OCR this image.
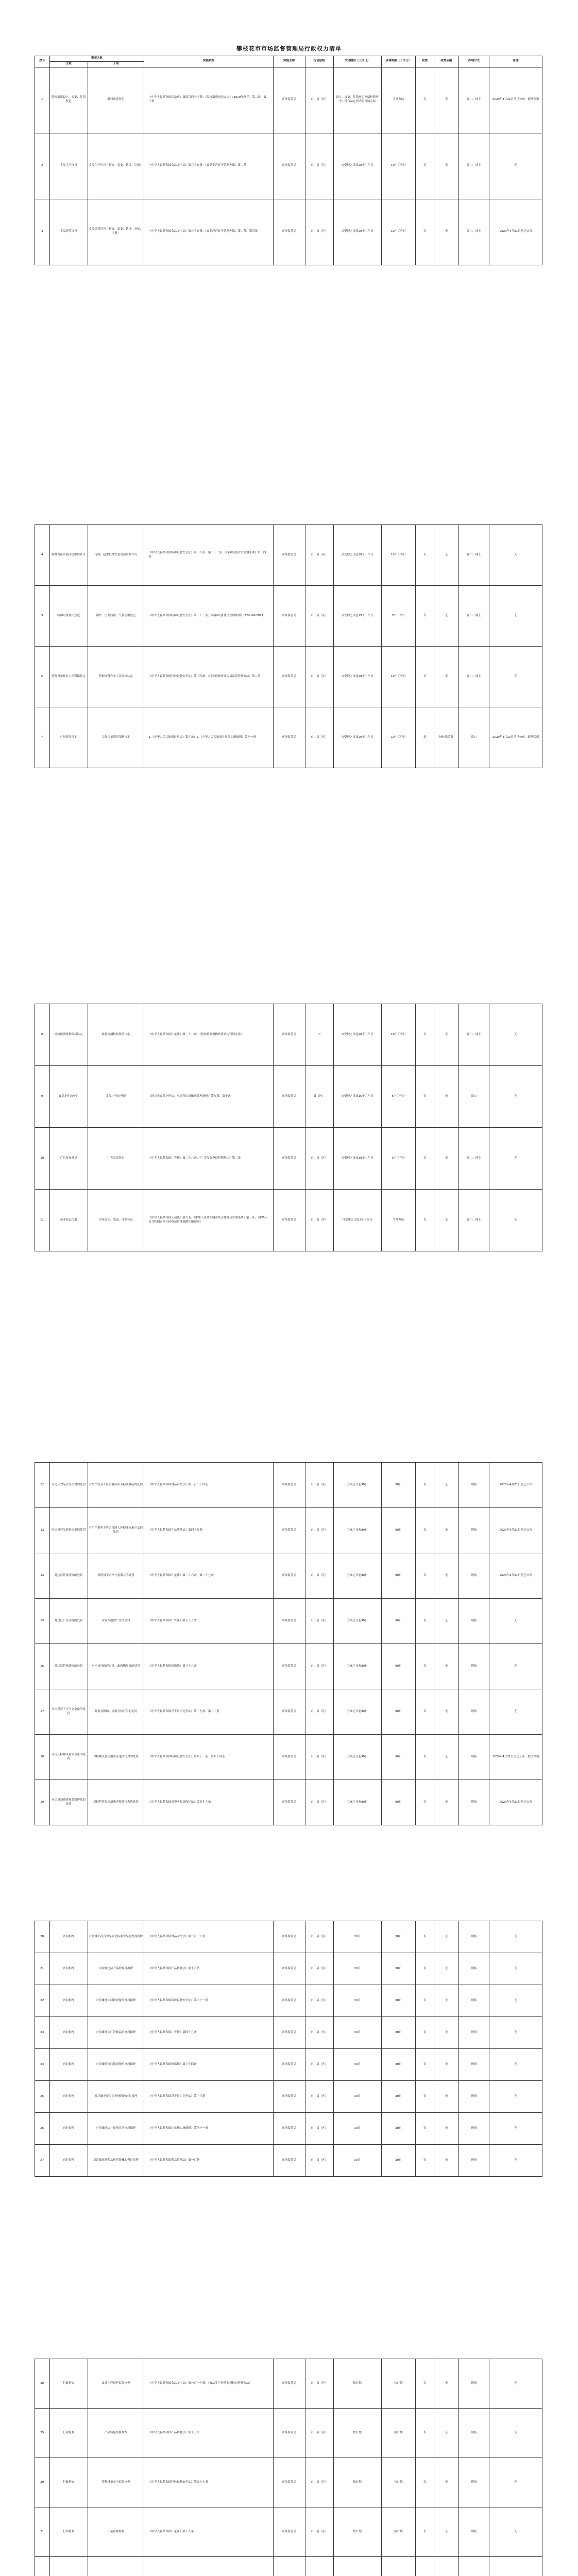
攀枝花市市场监督管理局行政权力清单
序号	事项名称		实施依据	实施主体	行使层级	法定期限（工作日）	承诺期限（工作日）	收费	收费依据	办理方式	备注
	主项	子项									
1	股权出质设立、变更、注销登记	股权出质登记	《中华人民共和国民法典》第四百四十三条；《股权出质登记办法》（2020年修正）第二条、第三条	市场监管局	市、县（区）	设立、变更、注销登记申请材料齐全、符合法定形式的当场办结	当场办结	否	无	窗口、网上	2020年4月21日前已公布，依法保留
2	食品生产许可	食品生产许可（新办、变更、延续、注销）	《中华人民共和国食品安全法》第三十五条；《食品生产许可管理办法》第二条	市场监管局	市、县（区）	自受理之日起20个工作日	10个工作日	否	无	窗口、网上	无
3	食品经营许可	食品经营许可（新办、变更、延续、补证、注销）	《中华人民共和国食品安全法》第三十五条；《食品经营许可管理办法》第二条、第四条	市场监管局	市、县（区）	自受理之日起20个工作日	10个工作日	否	无	窗口、网上	2020年4月21日前已公布
4	特种设备安装改造维修许可	电梯、起重机械安装改造维修许可	《中华人民共和国特种设备安全法》第十八条、第二十二条；《特种设备安全监察条例》第十四条	市场监管局	市、县（区）	自受理之日起20个工作日	10个工作日	否	无	窗口、网上	无
5	特种设备使用登记	锅炉、压力容器、气瓶使用登记	《中华人民共和国特种设备安全法》第三十三条；《特种设备使用管理规则》（TSG 08-2017）	市场监管局	市、县（区）	自受理之日起15个工作日	5个工作日	否	无	窗口、网上	无
6	特种设备作业人员资格认定	特种设备作业人员资格认定	《中华人民共和国特种设备安全法》第十四条；《特种设备作业人员监督管理办法》第二条	市场监管局	市、县（区）	自受理之日起20个工作日	10个工作日	否	无	窗口、网上	无
7	计量器具检定	工作计量器具强制检定	1.《中华人民共和国计量法》第九条；2.《中华人民共和国计量法实施细则》第十一条	市场监管局	市、县（区）	自受理之日起20个工作日	10个工作日	是	按标准收费	窗口	2020年4月21日前已公布，依法保留
8	检验检测机构资质认定	检验检测机构资质认定	《中华人民共和国计量法》第二十二条；《检验检测机构资质认定管理办法》	市场监管局	市	自受理之日起20个工作日	10个工作日	否	无	窗口、网上	无
9	食品小作坊登记	食品小作坊登记	《四川省食品小作坊、小经营店及摊贩管理条例》第九条、第十条	市场监管局	县（区）	自受理之日起15个工作日	5个工作日	否	无	窗口	无
10	广告发布登记	广告发布登记	《中华人民共和国广告法》第二十九条；《广告发布登记管理规定》第二条	市场监管局	市、县（区）	自受理之日起10个工作日	5个工作日	否	无	窗口、网上	无
11	企业登记注册	企业设立、变更、注销登记	《中华人民共和国公司法》第六条；《中华人民共和国市场主体登记管理条例》第三条；《中华人民共和国市场主体登记管理条例实施细则》	市场监管局	市、县（区）	自受理之日起3个工作日	当场办结	否	无	窗口、网上	无
12	对违反食品安全法规的处罚	对生产经营不符合食品安全标准食品的处罚	《中华人民共和国食品安全法》第一百二十四条	市场监管局	市、县（区）	立案之日起90日	90日	否	无	现场	2020年4月21日前已公布
13	对违反产品质量法规的处罚	对生产销售不符合保障人体健康标准产品的处罚	《中华人民共和国产品质量法》第四十九条	市场监管局	市、县（区）	立案之日起90日	90日	否	无	现场	2020年4月21日前已公布
14	对违反计量法规的处罚	对使用不合格计量器具的处罚	《中华人民共和国计量法》第二十六条、第二十七条	市场监管局	市、县（区）	立案之日起90日	90日	否	无	现场	2020年4月21日前已公布
15	对违反广告法规的处罚	对发布虚假广告的处罚	《中华人民共和国广告法》第五十五条	市场监管局	市、县（区）	立案之日起90日	90日	否	无	现场	无
16	对违反价格法规的处罚	对不执行政府定价、政府指导价的处罚	《中华人民共和国价格法》第三十九条	市场监管局	市、县（区）	立案之日起90日	90日	否	无	现场	无
17	对违反反不正当竞争法的处罚	对商业贿赂、虚假宣传行为的处罚	《中华人民共和国反不正当竞争法》第十九条、第二十条	市场监管局	市、县（区）	立案之日起90日	90日	否	无	现场	无
18	对违反特种设备安全法的处罚	对特种设备使用单位违法行为的处罚	《中华人民共和国特种设备安全法》第八十三条、第八十四条	市场监管局	市、县（区）	立案之日起90日	90日	否	无	现场	2020年4月21日前已公布，依法保留
19	对违反消费者权益保护法的处罚	对经营者侵害消费者权益行为的处罚	《中华人民共和国消费者权益保护法》第五十六条	市场监管局	市、县（区）	立案之日起90日	90日	否	无	现场	2020年4月21日前已公布
20	查封扣押	对涉嫌不符合食品安全标准食品的查封扣押	《中华人民共和国食品安全法》第一百一十条	市场监管局	市、县（区）	30日	30日	否	无	现场	无
21	查封扣押	对涉嫌违法产品的查封扣押	《中华人民共和国产品质量法》第十八条	市场监管局	市、县（区）	30日	30日	否	无	现场	无
22	查封扣押	对涉嫌违法特种设备的查封扣押	《中华人民共和国特种设备安全法》第六十一条	市场监管局	市、县（区）	30日	30日	否	无	现场	无
23	查封扣押	对涉嫌违法广告物品的查封扣押	《中华人民共和国广告法》第四十九条	市场监管局	市、县（区）	30日	30日	否	无	现场	无
24	查封扣押	对涉嫌价格违法财物的查封扣押	《中华人民共和国价格法》第三十四条	市场监管局	市、县（区）	30日	30日	否	无	现场	无
25	查封扣押	对涉嫌不正当竞争财物的查封扣押	《中华人民共和国反不正当竞争法》第十三条	市场监管局	市、县（区）	30日	30日	否	无	现场	无
26	查封扣押	对涉嫌违法计量器具的查封扣押	《中华人民共和国计量法实施细则》第四十一条	市场监管局	市、县（区）	30日	30日	否	无	现场	无
27	查封扣押	对涉嫌违法药品医疗器械的查封扣押	《中华人民共和国药品管理法》第一百条	市场监管局	市、县（区）	30日	30日	否	无	现场	无
28	行政检查	食品生产经营监督检查	《中华人民共和国食品安全法》第一百一十条；《食品生产经营监督检查管理办法》	市场监管局	市、县（区）	按计划	按计划	否	无	现场	无
29	行政检查	产品质量监督抽查	《中华人民共和国产品质量法》第十五条	市场监管局	市、县（区）	按计划	按计划	否	无	现场	无
30	行政检查	特种设备安全监督检查	《中华人民共和国特种设备安全法》第五十七条	市场监管局	市、县（区）	按计划	按计划	否	无	现场	无
31	行政检查	计量监督检查	《中华人民共和国计量法》第十八条	市场监管局	市、县（区）	按计划	按计划	否	无	现场	无
